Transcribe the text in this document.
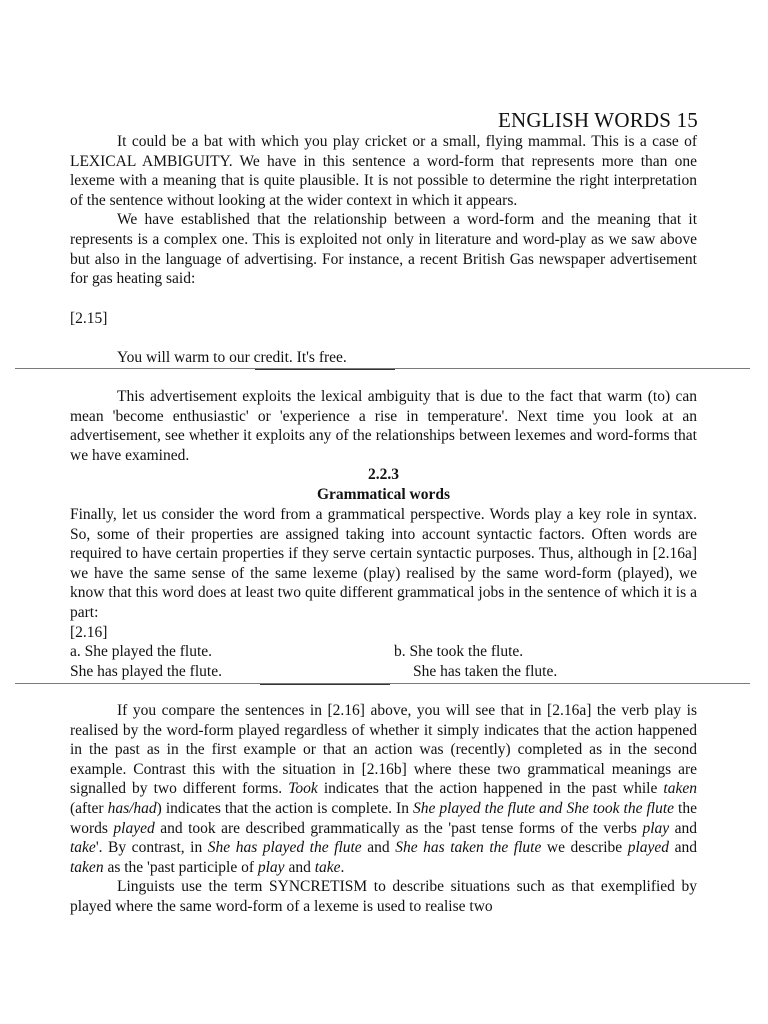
ENGLISH WORDS 15

It could be a bat with which you play cricket or a small, flying mammal. This is a case of LEXICAL AMBIGUITY. We have in this sentence a word-form that represents more than one lexeme with a meaning that is quite plausible. It is not possible to determine the right interpretation of the sentence without looking at the wider context in which it appears.

We have established that the relationship between a word-form and the meaning that it represents is a complex one. This is exploited not only in literature and word-play as we saw above but also in the language of advertising. For instance, a recent British Gas newspaper advertisement for gas heating said:

[2.15]
You will warm to our credit. It's free.

This advertisement exploits the lexical ambiguity that is due to the fact that warm (to) can mean 'become enthusiastic' or 'experience a rise in temperature'. Next time you look at an advertisement, see whether it exploits any of the relationships between lexemes and word-forms that we have examined.

2.2.3
Grammatical words

Finally, let us consider the word from a grammatical perspective. Words play a key role in syntax. So, some of their properties are assigned taking into account syntactic factors. Often words are required to have certain properties if they serve certain syntactic purposes. Thus, although in [2.16a] we have the same sense of the same lexeme (play) realised by the same word-form (played), we know that this word does at least two quite different grammatical jobs in the sentence of which it is a part:

[2.16]
a. She played the flute.	b. She took the flute.
She has played the flute.	She has taken the flute.

If you compare the sentences in [2.16] above, you will see that in [2.16a] the verb play is realised by the word-form played regardless of whether it simply indicates that the action happened in the past as in the first example or that an action was (recently) completed as in the second example. Contrast this with the situation in [2.16b] where these two grammatical meanings are signalled by two different forms. Took indicates that the action happened in the past while taken (after has/had) indicates that the action is complete. In She played the flute and She took the flute the words played and took are described grammatically as the 'past tense forms of the verbs play and take'. By contrast, in She has played the flute and She has taken the flute we describe played and taken as the 'past participle of play and take.

Linguists use the term SYNCRETISM to describe situations such as that exemplified by played where the same word-form of a lexeme is used to realise two
